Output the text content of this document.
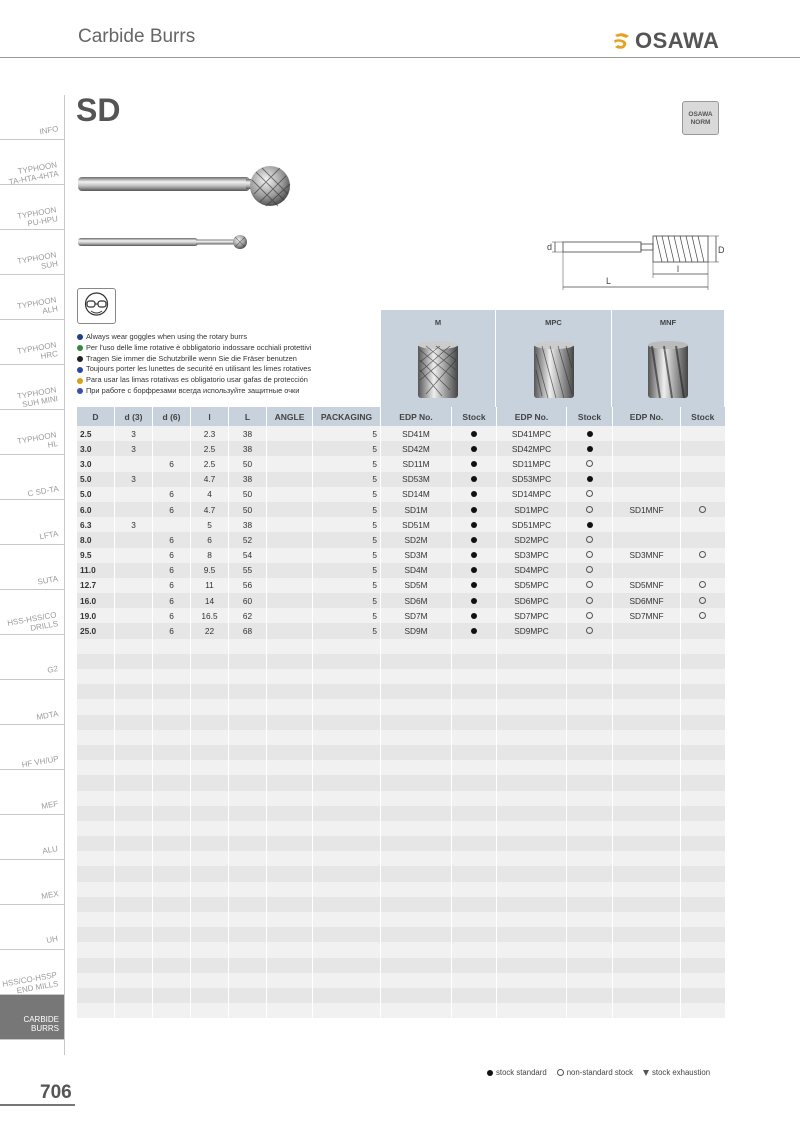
Carbide Burrs	OSAWA
INFO
TYPHOON
TA-HTA-4HTA
TYPHOON
PU-HPU
TYPHOON
SUH
TYPHOON
ALH
TYPHOON
HRC
TYPHOON
SUH MINI
TYPHOON
HL
C SD-TA
LFTA
SUTA
HSS-HSS/CO
DRILLS
G2
MDTA
HF VH/UP
MEF
ALU
MEX
UH
HSS/CO-HSSP
END MILLS
CARBIDE
BURRS
SD	OSAWA
NORM
d	D
l
L
Always wear goggles when using the rotary burrs
Per l'uso delle lime rotative è obbligatorio indossare occhiali protettivi
Tragen Sie immer die Schutzbrille wenn Sie die Fräser benutzen
Toujours porter les lunettes de securité en utilisant les limes rotatives
Para usar las limas rotativas es obligatorio usar gafas de protección
При работе с борфрезами всегда используйте защитные очки
M	MPC	MNF
D	d (3)	d (6)	l	L	ANGLE	PACKAGING	EDP No.	Stock	EDP No.	Stock	EDP No.	Stock
2.5	3		2.3	38		5	SD41M		SD41MPC			
3.0	3		2.5	38		5	SD42M		SD42MPC			
3.0		6	2.5	50		5	SD11M		SD11MPC			
5.0	3		4.7	38		5	SD53M		SD53MPC			
5.0		6	4	50		5	SD14M		SD14MPC			
6.0		6	4.7	50		5	SD1M		SD1MPC		SD1MNF	
6.3	3		5	38		5	SD51M		SD51MPC			
8.0		6	6	52		5	SD2M		SD2MPC			
9.5		6	8	54		5	SD3M		SD3MPC		SD3MNF	
11.0		6	9.5	55		5	SD4M		SD4MPC			
12.7		6	11	56		5	SD5M		SD5MPC		SD5MNF	
16.0		6	14	60		5	SD6M		SD6MPC		SD6MNF	
19.0		6	16.5	62		5	SD7M		SD7MPC		SD7MNF	
25.0		6	22	68		5	SD9M		SD9MPC			

stock standard	non-standard stock stock exhaustion
706
